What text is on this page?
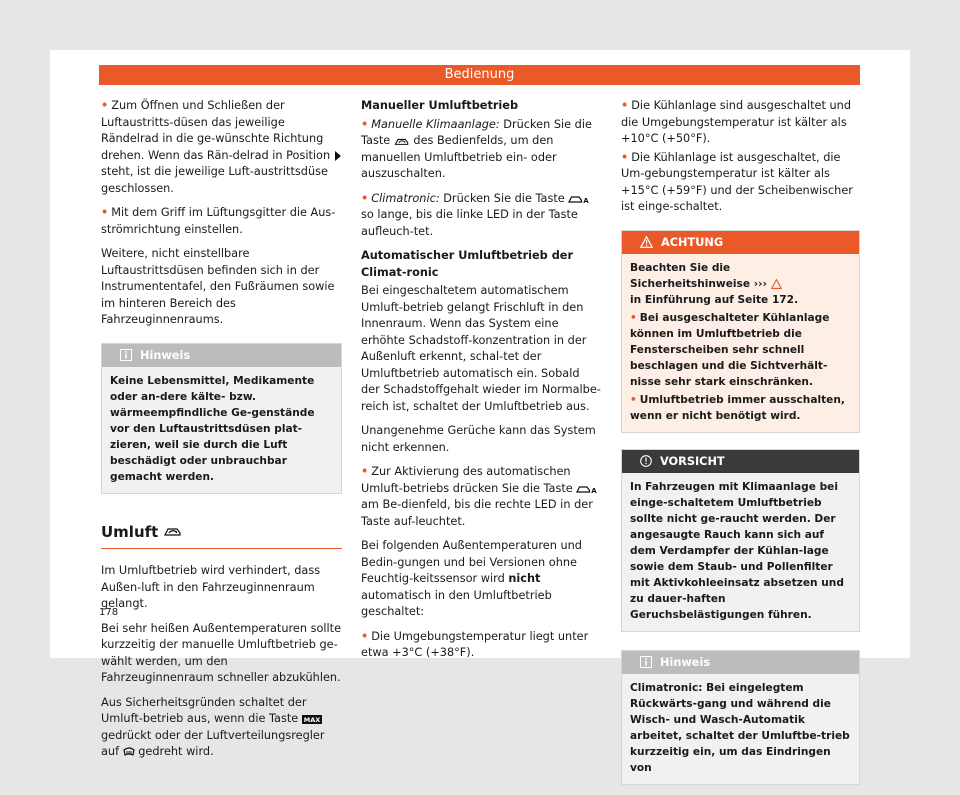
Bedienung

• Zum Öffnen und Schließen der Luftaustritts-düsen das jeweilige Rändelrad in die ge-wünschte Richtung drehen. Wenn das Rän-delrad in Position  steht, ist die jeweilige Luft-austrittsdüse geschlossen.

• Mit dem Griff im Lüftungsgitter die Aus-strömrichtung einstellen.

Weitere, nicht einstellbare Luftaustrittsdüsen befinden sich in der Instrumententafel, den Fußräumen sowie im hinteren Bereich des Fahrzeuginnenraums.

Hinweis
Keine Lebensmittel, Medikamente oder an-dere kälte- bzw. wärmeempfindliche Ge-genstände vor den Luftaustrittsdüsen plat-zieren, weil sie durch die Luft beschädigt oder unbrauchbar gemacht werden.
Umluft

Im Umluftbetrieb wird verhindert, dass Außen-luft in den Fahrzeuginnenraum gelangt.

Bei sehr heißen Außentemperaturen sollte kurzzeitig der manuelle Umluftbetrieb ge-wählt werden, um den Fahrzeuginnenraum schneller abzukühlen.

Aus Sicherheitsgründen schaltet der Umluft-betrieb aus, wenn die Taste MAX
gedrückt oder der Luftverteilungsregler auf gedreht wird.

Manueller Umluftbetrieb

• Manuelle Klimaanlage: Drücken Sie die Taste des Bedienfelds, um den manuellen Umluftbetrieb ein- oder auszuschalten.

• Climatronic: Drücken Sie die Taste	A
so lange, bis die linke LED in der Taste aufleuch-tet.

Automatischer Umluftbetrieb der Climat-ronic

Bei eingeschaltetem automatischem Umluft-betrieb gelangt Frischluft in den Innenraum. Wenn das System eine erhöhte Schadstoff-konzentration in der Außenluft erkennt, schal-tet der Umluftbetrieb automatisch ein. Sobald der Schadstoffgehalt wieder im Normalbe-reich ist, schaltet der Umluftbetrieb aus.

Unangenehme Gerüche kann das System nicht erkennen.

• Zur Aktivierung des automatischen Umluft-betriebs drücken Sie die Taste	A
am Be-dienfeld, bis die rechte LED in der Taste auf-leuchtet.

Bei folgenden Außentemperaturen und Bedin-gungen und bei Versionen ohne Feuchtig-keitssensor wird nicht automatisch in den Umluftbetrieb geschaltet:

• Die Umgebungstemperatur liegt unter etwa +3°C (+38°F).

• Die Kühlanlage sind ausgeschaltet und die Umgebungstemperatur ist kälter als +10°C (+50°F).

• Die Kühlanlage ist ausgeschaltet, die Um-gebungstemperatur ist kälter als +15°C (+59°F) und der Scheibenwischer ist einge-schaltet.

ACHTUNG
Beachten Sie die Sicherheitshinweise ›››
in Einführung auf Seite 172.
• Bei ausgeschalteter Kühlanlage können im Umluftbetrieb die Fensterscheiben sehr schnell beschlagen und die Sichtverhält-nisse sehr stark einschränken.
• Umluftbetrieb immer ausschalten, wenn er nicht benötigt wird.
VORSICHT
In Fahrzeugen mit Klimaanlage bei einge-schaltetem Umluftbetrieb sollte nicht ge-raucht werden. Der angesaugte Rauch kann sich auf dem Verdampfer der Kühlan-lage sowie dem Staub- und Pollenfilter mit Aktivkohleeinsatz absetzen und zu dauer-haften Geruchsbelästigungen führen.
Hinweis
Climatronic: Bei eingelegtem Rückwärts-gang und während die Wisch- und Wasch-Automatik arbeitet, schaltet der Umluftbe-trieb kurzzeitig ein, um das Eindringen von
178
